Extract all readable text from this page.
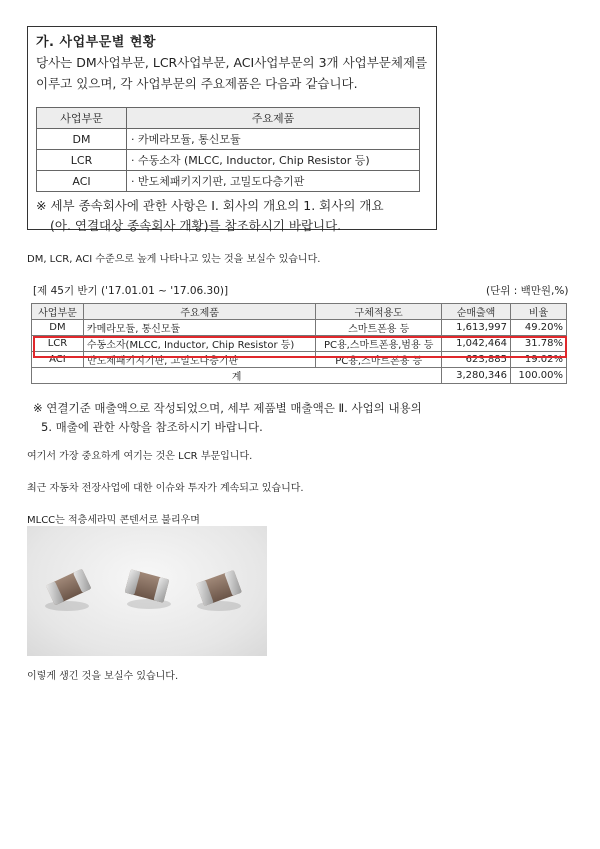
가. 사업부문별 현황
당사는 DM사업부문, LCR사업부문, ACI사업부문의 3개 사업부문체제를
이루고 있으며, 각 사업부문의 주요제품은 다음과 같습니다.
사업부문	주요제품
DM	· 카메라모듈, 통신모듈
LCR	· 수동소자 (MLCC, Inductor, Chip Resistor 등)
ACI	· 반도체패키지기판, 고밀도다층기판
※ 세부 종속회사에 관한 사항은 Ⅰ. 회사의 개요의 1. 회사의 개요
(아. 연결대상 종속회사 개황)를 참조하시기 바랍니다.
DM, LCR, ACI 수준으로 높게 나타나고 있는 것을 보실수 있습니다.
[제 45기 반기 ('17.01.01 ~ '17.06.30)]	(단위 : 백만원,%)
사업부문	주요제품	구체적용도	순매출액	비율
DM	카메라모듈, 통신모듈	스마트폰용 등	1,613,997	49.20%
LCR	수동소자(MLCC, Inductor, Chip Resistor 등)	PC용,스마트폰용,범용 등	1,042,464	31.78%
ACI	반도체패키지기판, 고밀도다층기판	PC용,스마트폰용 등	623,885	19.02%
계			3,280,346	100.00%
※ 연결기준 매출액으로 작성되었으며, 세부 제품별 매출액은 Ⅱ. 사업의 내용의
5. 매출에 관한 사항을 참조하시기 바랍니다.
여기서 가장 중요하게 여기는 것은 LCR 부문입니다.
최근 자동차 전장사업에 대한 이슈와 투자가 계속되고 있습니다.
MLCC는 적층세라믹 콘덴서로 불리우며
이렇게 생긴 것을 보실수 있습니다.
